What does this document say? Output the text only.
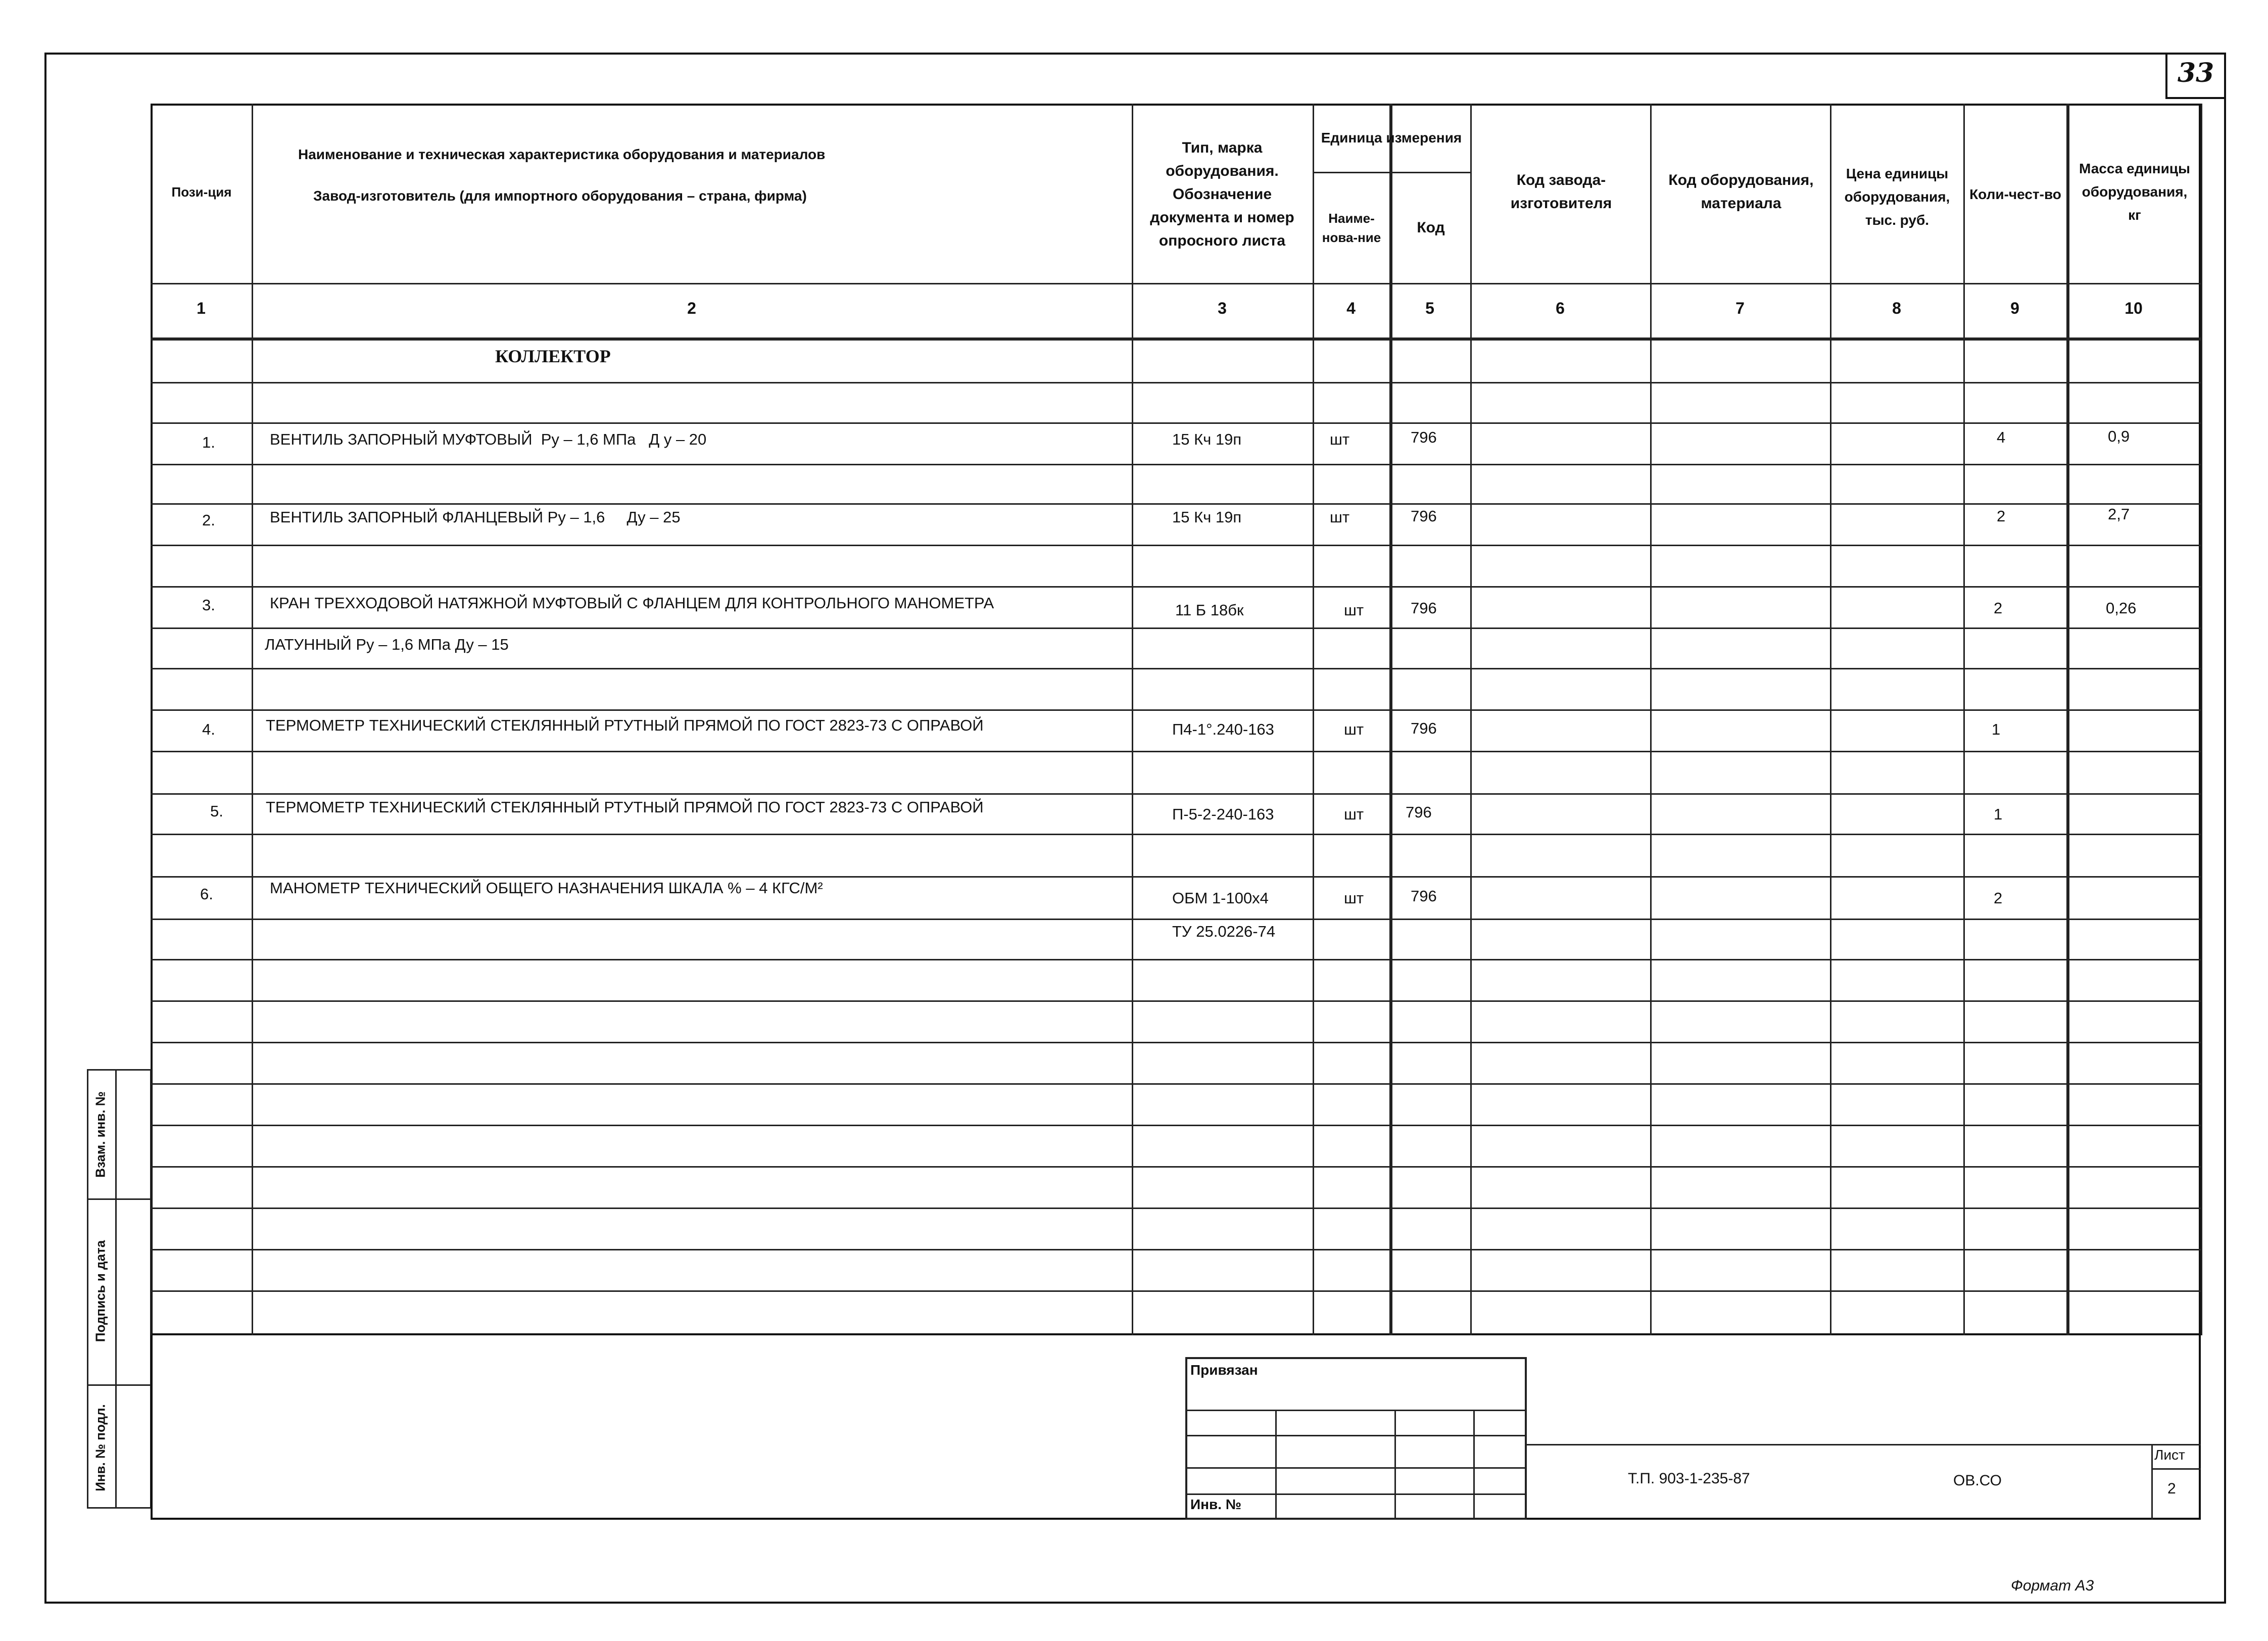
33
Пози-ция
Наименование и техническая характеристика оборудования и материалов
Завод-изготовитель (для импортного оборудования – страна, фирма)
Тип, марка оборудования. Обозначение документа и номер опросного листа
Единица измерения
Наиме-нова-ние
Код
Код завода-изготовителя
Код оборудования, материала
Цена единицы оборудования, тыс. руб.
Коли-чест-во
Масса единицы оборудования, кг
1	2	3	4	5	6	7	8	9	10
КОЛЛЕКТОР
1.	ВЕНТИЛЬ ЗАПОРНЫЙ МУФТОВЫЙ  Ру – 1,6 МПа   Д у – 20	15 Кч 19п	шт	796	4	0,9
2.	ВЕНТИЛЬ ЗАПОРНЫЙ ФЛАНЦЕВЫЙ Ру – 1,6     Ду – 25	15 Кч 19п	шт	796	2	2,7
3.	КРАН ТРЕХХОДОВОЙ НАТЯЖНОЙ МУФТОВЫЙ С ФЛАНЦЕМ ДЛЯ КОНТРОЛЬНОГО МАНОМЕТРА
ЛАТУННЫЙ Ру – 1,6 МПа Ду – 15
11 Б 18бк	шт	796	2	0,26
4.	ТЕРМОМЕТР ТЕХНИЧЕСКИЙ СТЕКЛЯННЫЙ РТУТНЫЙ ПРЯМОЙ ПО ГОСТ 2823-73 С ОПРАВОЙ	П4-1°.240-163	шт	796	1
5.	ТЕРМОМЕТР ТЕХНИЧЕСКИЙ СТЕКЛЯННЫЙ РТУТНЫЙ ПРЯМОЙ ПО ГОСТ 2823-73 С ОПРАВОЙ	П-5-2-240-163	шт	796	1
6.	МАНОМЕТР ТЕХНИЧЕСКИЙ ОБЩЕГО НАЗНАЧЕНИЯ ШКАЛА % – 4 КГС/М²
ОБМ 1-100х4
ТУ 25.0226-74
шт	796	2
Взам. инв. №
Подпись и дата
Инв. № подл.
Привязан
Инв. №
Т.П. 903-1-235-87	ОВ.СО
Лист
2
Формат А3
